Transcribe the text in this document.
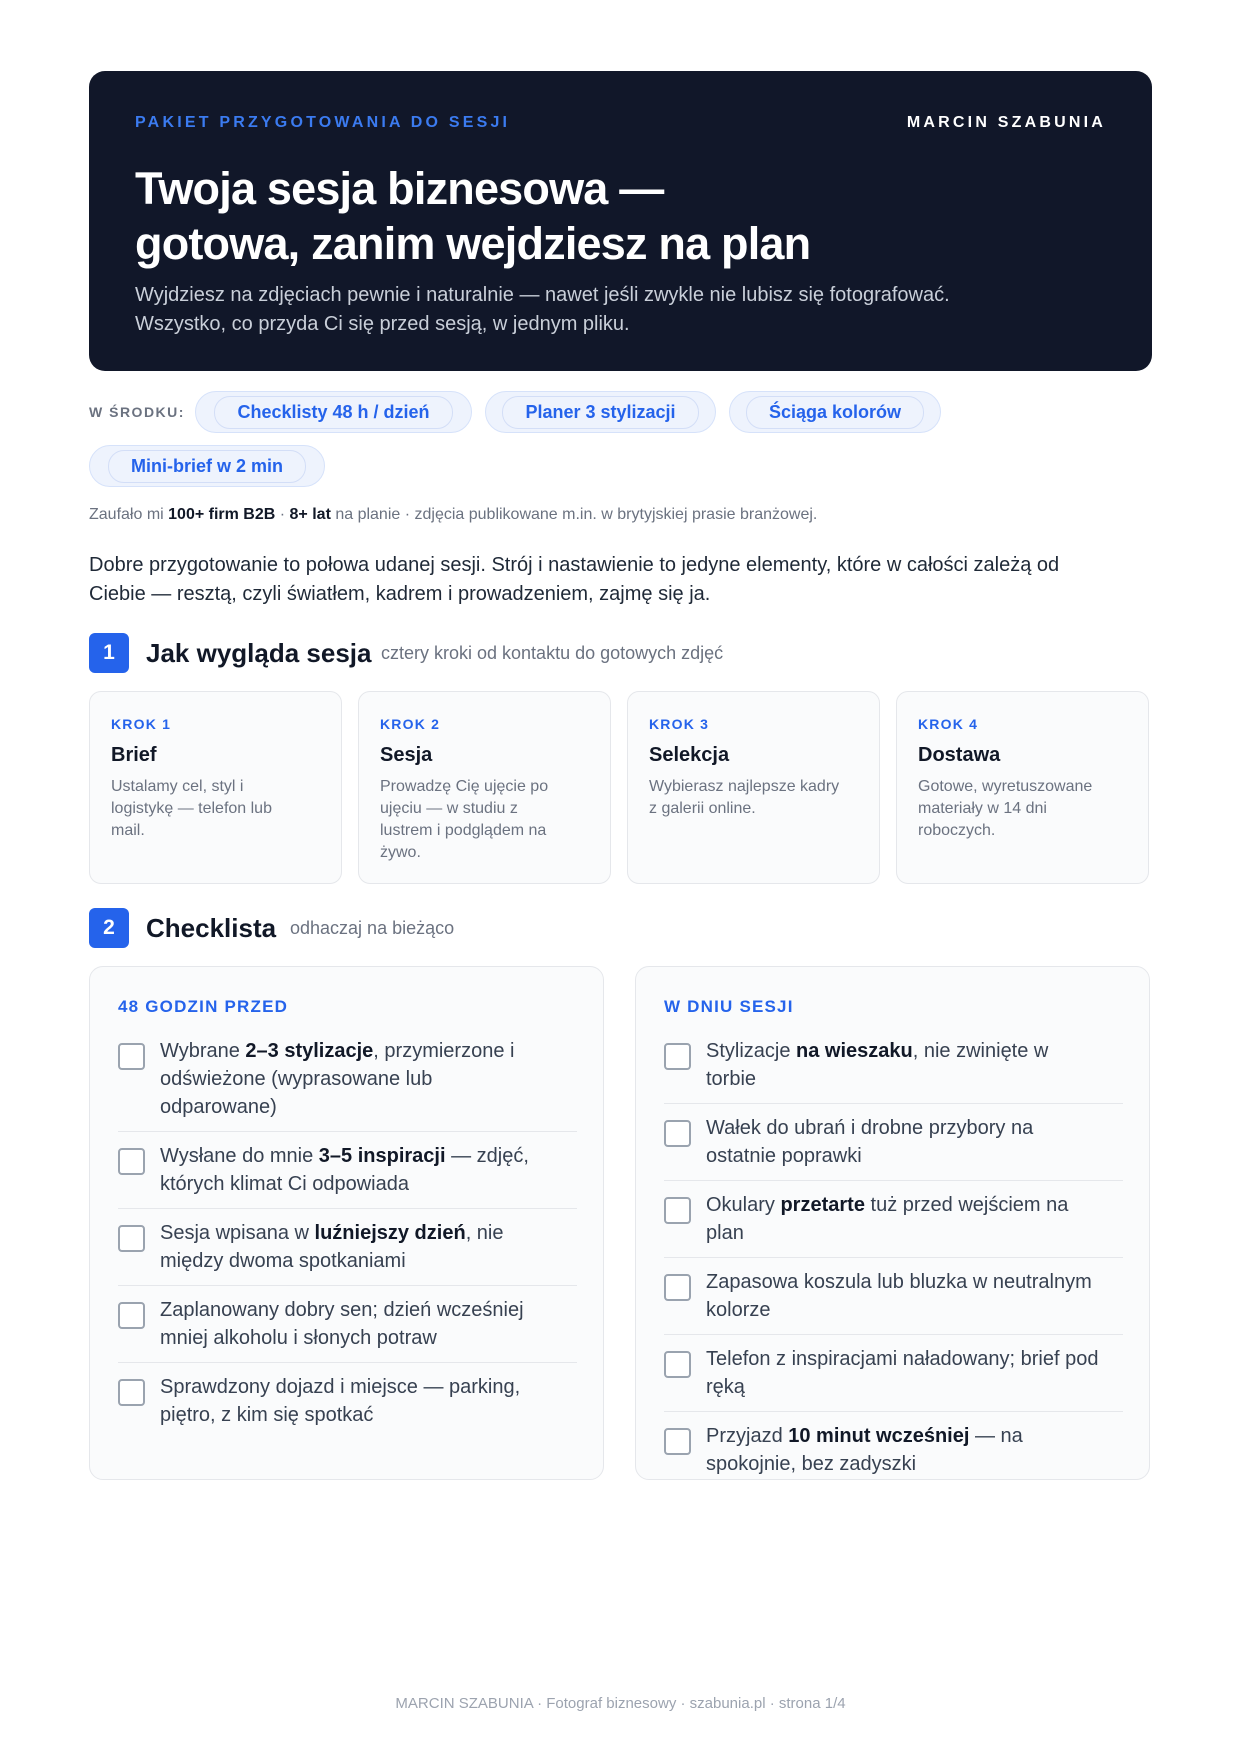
PAKIET PRZYGOTOWANIA DO SESJI	MARCIN SZABUNIA
Twoja sesja biznesowa —
gotowa, zanim wejdziesz na plan
Wyjdziesz na zdjęciach pewnie i naturalnie — nawet jeśli zwykle nie lubisz się fotografować.
Wszystko, co przyda Ci się przed sesją, w jednym pliku.
W ŚRODKU:	Checklisty 48 h / dzień	Planer 3 stylizacji	Ściąga kolorów
Mini-brief w 2 min
Zaufało mi 100+ firm B2B · 8+ lat na planie · zdjęcia publikowane m.in. w brytyjskiej prasie branżowej.
Dobre przygotowanie to połowa udanej sesji. Strój i nastawienie to jedyne elementy, które w całości zależą od
Ciebie — resztą, czyli światłem, kadrem i prowadzeniem, zajmę się ja.
1	Jak wygląda sesja cztery kroki od kontaktu do gotowych zdjęć
KROK 1
Brief
Ustalamy cel, styl i
logistykę — telefon lub
mail.
KROK 2
Sesja
Prowadzę Cię ujęcie po
ujęciu — w studiu z
lustrem i podglądem na
żywo.
KROK 3
Selekcja
Wybierasz najlepsze kadry
z galerii online.
KROK 4
Dostawa
Gotowe, wyretuszowane
materiały w 14 dni
roboczych.
2	Checklista odhaczaj na bieżąco
48 GODZIN PRZED
Wybrane 2–3 stylizacje, przymierzone i
odświeżone (wyprasowane lub
odparowane)
Wysłane do mnie 3–5 inspiracji — zdjęć,
których klimat Ci odpowiada
Sesja wpisana w luźniejszy dzień, nie
między dwoma spotkaniami
Zaplanowany dobry sen; dzień wcześniej
mniej alkoholu i słonych potraw
Sprawdzony dojazd i miejsce — parking,
piętro, z kim się spotkać
W DNIU SESJI
Stylizacje na wieszaku, nie zwinięte w
torbie
Wałek do ubrań i drobne przybory na
ostatnie poprawki
Okulary przetarte tuż przed wejściem na
plan
Zapasowa koszula lub bluzka w neutralnym
kolorze
Telefon z inspiracjami naładowany; brief pod
ręką
Przyjazd 10 minut wcześniej — na
spokojnie, bez zadyszki
MARCIN SZABUNIA · Fotograf biznesowy · szabunia.pl · strona 1/4
